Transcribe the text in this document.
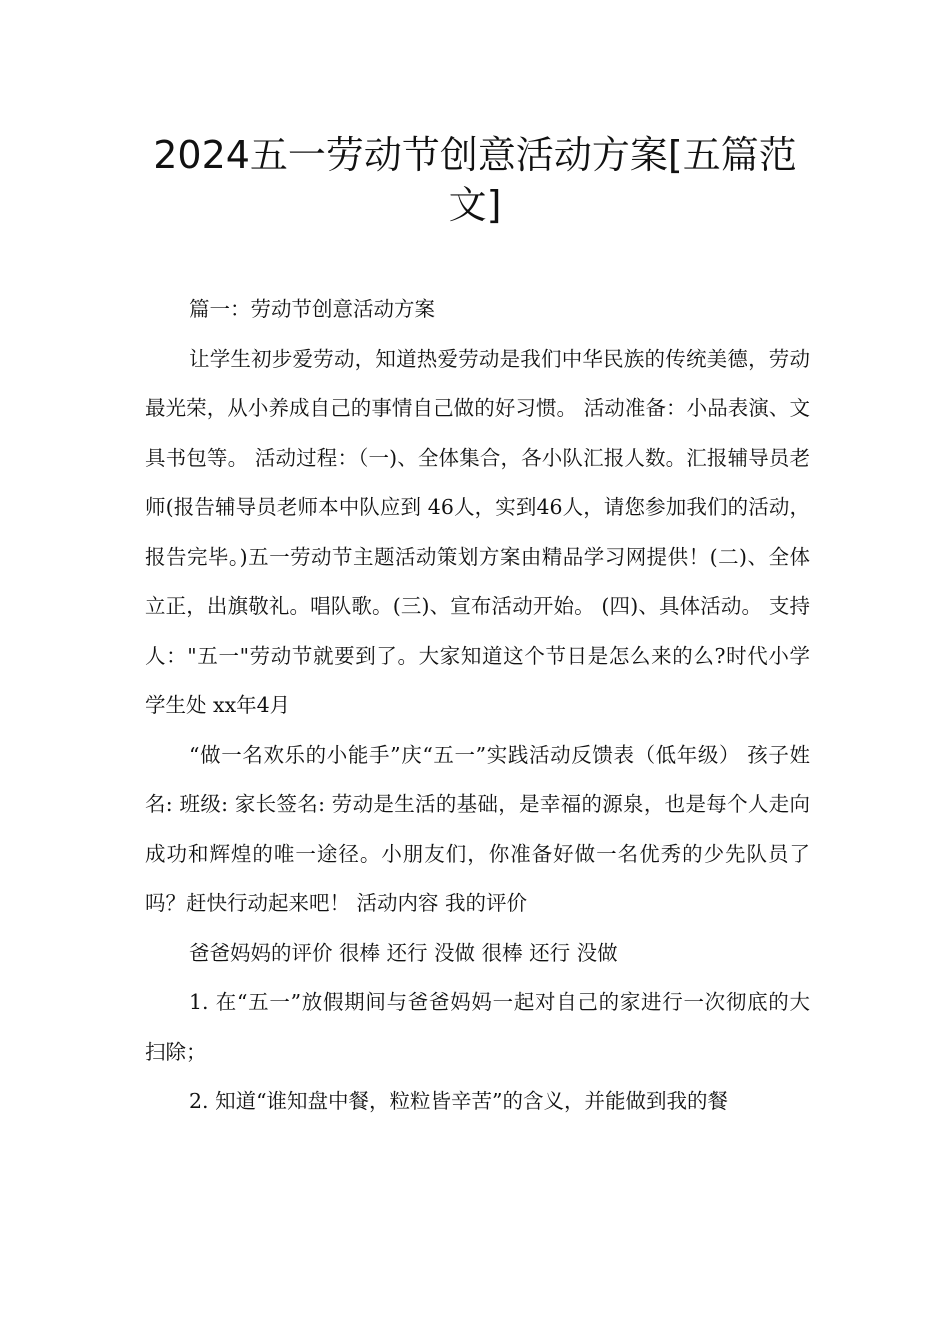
2024五一劳动节创意活动方案[五篇范文]

篇一：劳动节创意活动方案

让学生初步爱劳动，知道热爱劳动是我们中华民族的传统美德，劳动最光荣，从小养成自己的事情自己做的好习惯。 活动准备：小品表演、文具书包等。 活动过程：（一)、全体集合，各小队汇报人数。汇报辅导员老师(报告辅导员老师本中队应到 46人，实到46人，请您参加我们的活动，报告完毕。)五一劳动节主题活动策划方案由精品学习网提供！(二)、全体立正，出旗敬礼。唱队歌。(三)、宣布活动开始。 (四)、具体活动。 支持人："五一"劳动节就要到了。大家知道这个节日是怎么来的么?时代小学学生处 xx年4月

“做一名欢乐的小能手”庆“五一”实践活动反馈表（低年级） 孩子姓名: 班级: 家长签名: 劳动是生活的基础，是幸福的源泉，也是每个人走向成功和辉煌的唯一途径。小朋友们，你准备好做一名优秀的少先队员了吗？赶快行动起来吧！ 活动内容 我的评价

爸爸妈妈的评价 很棒 还行 没做 很棒 还行 没做

1. 在“五一”放假期间与爸爸妈妈一起对自己的家进行一次彻底的大扫除；

2. 知道“谁知盘中餐，粒粒皆辛苦”的含义，并能做到我的餐
